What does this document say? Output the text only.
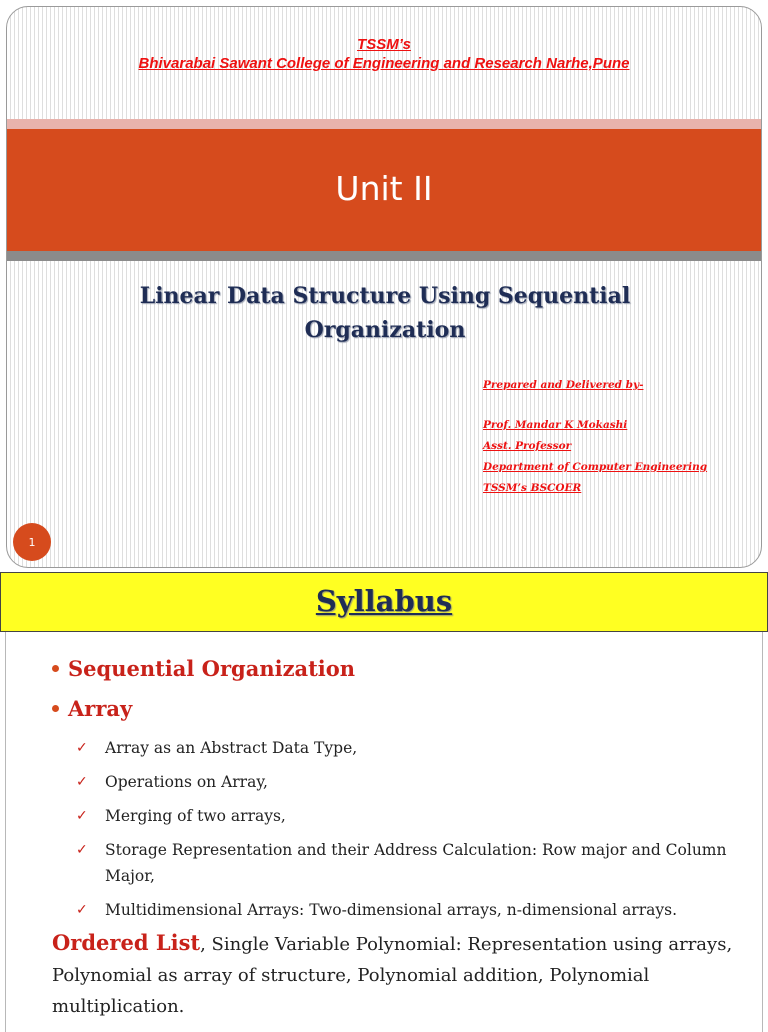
TSSM’s
Bhivarabai Sawant College of Engineering and Research Narhe,Pune
Unit II
Linear Data Structure Using Sequential
Organization
Prepared and Delivered by-
Prof. Mandar K Mokashi
Asst. Professor
Department of Computer Engineering
TSSM’s BSCOER
1
Syllabus
Sequential Organization
Array
✓ Array as an Abstract Data Type,
✓ Operations on Array,
✓ Merging of two arrays,
✓ Storage Representation and their Address Calculation: Row major and Column Major,
✓ Multidimensional Arrays: Two-dimensional arrays, n-dimensional arrays.
Ordered List, Single Variable Polynomial: Representation using arrays, Polynomial as array of structure, Polynomial addition, Polynomial multiplication.
